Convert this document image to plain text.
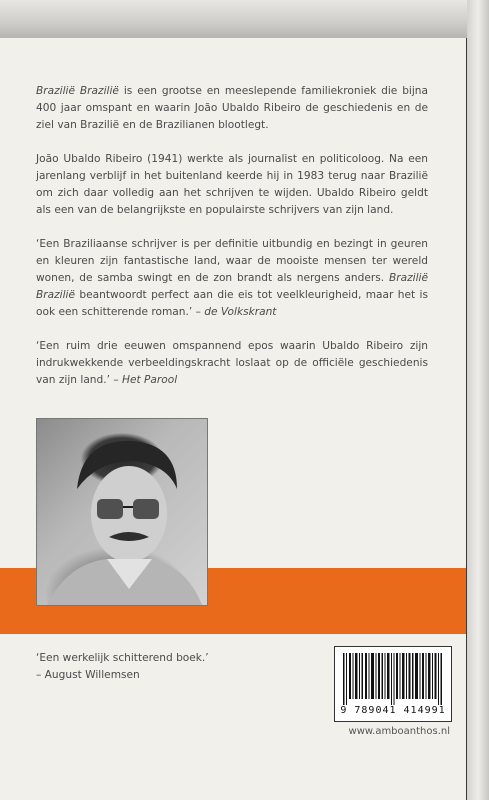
Brazilië Brazilië is een grootse en meeslepende familiekroniek die bijna 400 jaar omspant en waarin João Ubaldo Ribeiro de geschiedenis en de ziel van Brazilië en de Brazilianen blootlegt.

João Ubaldo Ribeiro (1941) werkte als journalist en politicoloog. Na een jarenlang verblijf in het buitenland keerde hij in 1983 terug naar Brazilië om zich daar volledig aan het schrijven te wijden. Ubaldo Ribeiro geldt als een van de belangrijkste en populairste schrijvers van zijn land.

‘Een Braziliaanse schrijver is per definitie uitbundig en bezingt in geuren en kleuren zijn fantastische land, waar de mooiste mensen ter wereld wonen, de samba swingt en de zon brandt als nergens anders. Brazilië Brazilië beantwoordt perfect aan die eis tot veelkleurigheid, maar het is ook een schitterende roman.’ – de Volkskrant

‘Een ruim drie eeuwen omspannend epos waarin Ubaldo Ribeiro zijn indrukwekkende verbeeldingskracht loslaat op de officiële geschiedenis van zijn land.’ – Het Parool

‘Een werkelijk schitterend boek.’
– August Willemsen
9 789041 414991
www.amboanthos.nl
